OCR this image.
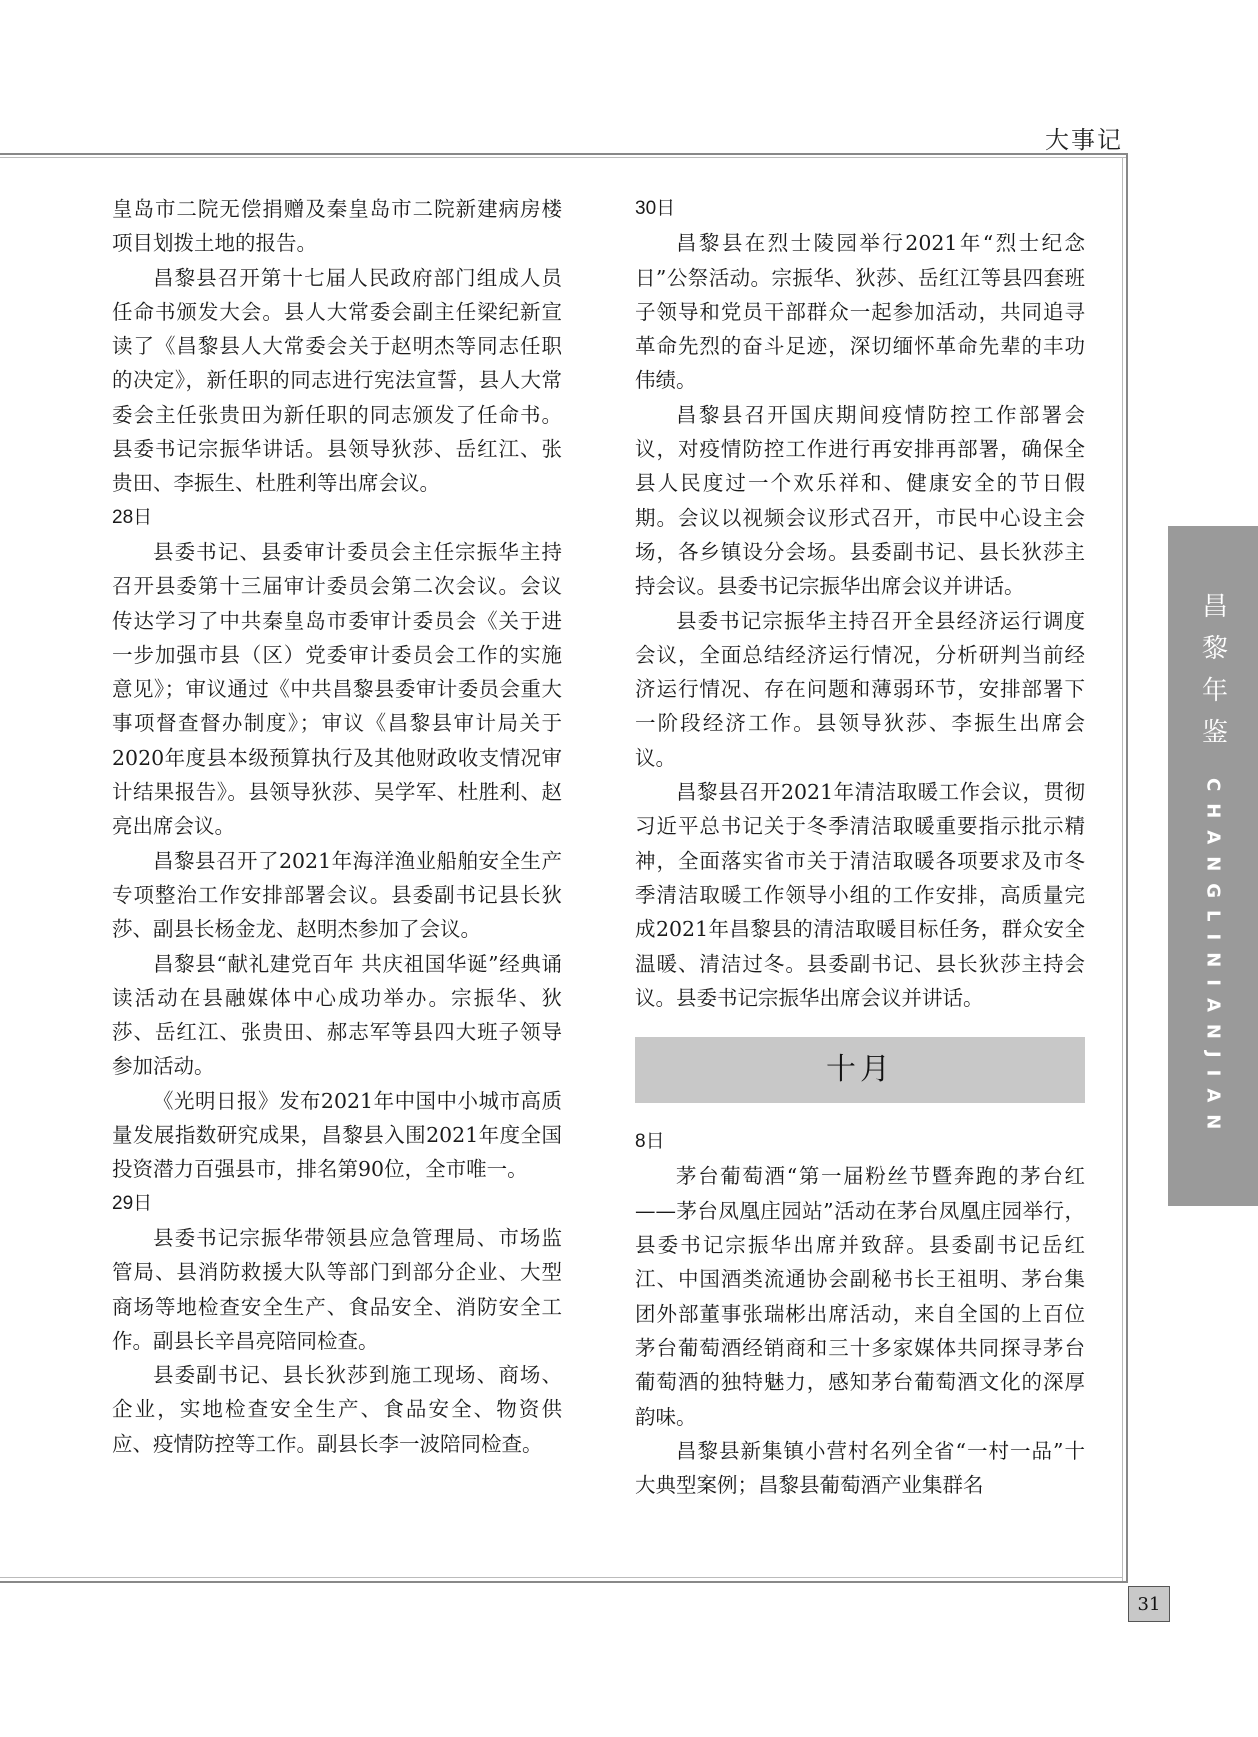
大事记

皇岛市二院无偿捐赠及秦皇岛市二院新建病房楼项目划拨土地的报告。

昌黎县召开第十七届人民政府部门组成人员任命书颁发大会。县人大常委会副主任梁纪新宣读了《昌黎县人大常委会关于赵明杰等同志任职的决定》，新任职的同志进行宪法宣誓，县人大常委会主任张贵田为新任职的同志颁发了任命书。县委书记宗振华讲话。县领导狄莎、岳红江、张贵田、李振生、杜胜利等出席会议。

28日

县委书记、县委审计委员会主任宗振华主持召开县委第十三届审计委员会第二次会议。会议传达学习了中共秦皇岛市委审计委员会《关于进一步加强市县（区）党委审计委员会工作的实施意见》；审议通过《中共昌黎县委审计委员会重大事项督查督办制度》；审议《昌黎县审计局关于2020年度县本级预算执行及其他财政收支情况审计结果报告》。县领导狄莎、吴学军、杜胜利、赵亮出席会议。

昌黎县召开了2021年海洋渔业船舶安全生产专项整治工作安排部署会议。县委副书记县长狄莎、副县长杨金龙、赵明杰参加了会议。

昌黎县“献礼建党百年 共庆祖国华诞”经典诵读活动在县融媒体中心成功举办。宗振华、狄莎、岳红江、张贵田、郝志军等县四大班子领导参加活动。

《光明日报》发布2021年中国中小城市高质量发展指数研究成果，昌黎县入围2021年度全国投资潜力百强县市，排名第90位，全市唯一。

29日

县委书记宗振华带领县应急管理局、市场监管局、县消防救援大队等部门到部分企业、大型商场等地检查安全生产、食品安全、消防安全工作。副县长辛昌亮陪同检查。

县委副书记、县长狄莎到施工现场、商场、企业，实地检查安全生产、食品安全、物资供应、疫情防控等工作。副县长李一波陪同检查。

30日

昌黎县在烈士陵园举行2021年“烈士纪念日”公祭活动。宗振华、狄莎、岳红江等县四套班子领导和党员干部群众一起参加活动，共同追寻革命先烈的奋斗足迹，深切缅怀革命先辈的丰功伟绩。

昌黎县召开国庆期间疫情防控工作部署会议，对疫情防控工作进行再安排再部署，确保全县人民度过一个欢乐祥和、健康安全的节日假期。会议以视频会议形式召开，市民中心设主会场，各乡镇设分会场。县委副书记、县长狄莎主持会议。县委书记宗振华出席会议并讲话。

县委书记宗振华主持召开全县经济运行调度会议，全面总结经济运行情况，分析研判当前经济运行情况、存在问题和薄弱环节，安排部署下一阶段经济工作。县领导狄莎、李振生出席会议。

昌黎县召开2021年清洁取暖工作会议，贯彻习近平总书记关于冬季清洁取暖重要指示批示精神，全面落实省市关于清洁取暖各项要求及市冬季清洁取暖工作领导小组的工作安排，高质量完成2021年昌黎县的清洁取暖目标任务，群众安全温暖、清洁过冬。县委副书记、县长狄莎主持会议。县委书记宗振华出席会议并讲话。

十月
8日

茅台葡萄酒“第一届粉丝节暨奔跑的茅台红——茅台凤凰庄园站”活动在茅台凤凰庄园举行，县委书记宗振华出席并致辞。县委副书记岳红江、中国酒类流通协会副秘书长王祖明、茅台集团外部董事张瑞彬出席活动，来自全国的上百位茅台葡萄酒经销商和三十多家媒体共同探寻茅台葡萄酒的独特魅力，感知茅台葡萄酒文化的深厚韵味。

昌黎县新集镇小营村名列全省“一村一品”十大典型案例；昌黎县葡萄酒产业集群名

昌黎年鉴
CHANGLINIANJIAN
31
